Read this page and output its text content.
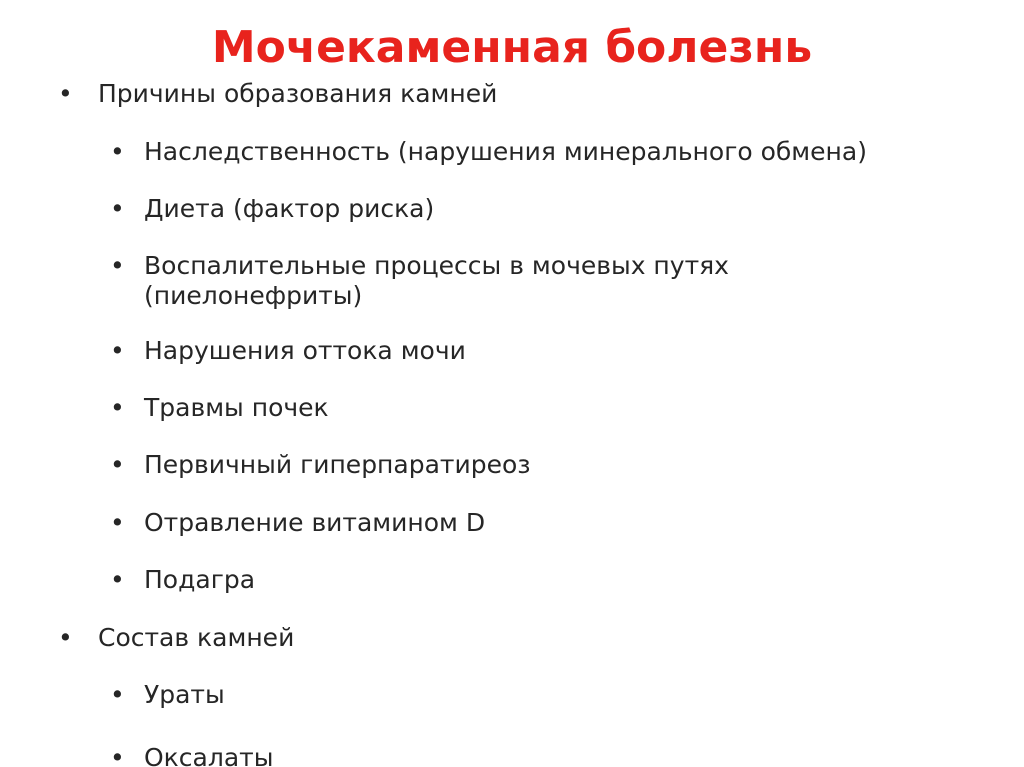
Мочекаменная болезнь
• Причины образования камней
• Наследственность (нарушения минерального обмена)
• Диета (фактор риска)
• Воспалительные процессы в мочевых путях (пиелонефриты)
• Нарушения оттока мочи
• Травмы почек
• Первичный гиперпаратиреоз
• Отравление витамином D
• Подагра
• Состав камней
• Ураты
• Оксалаты
